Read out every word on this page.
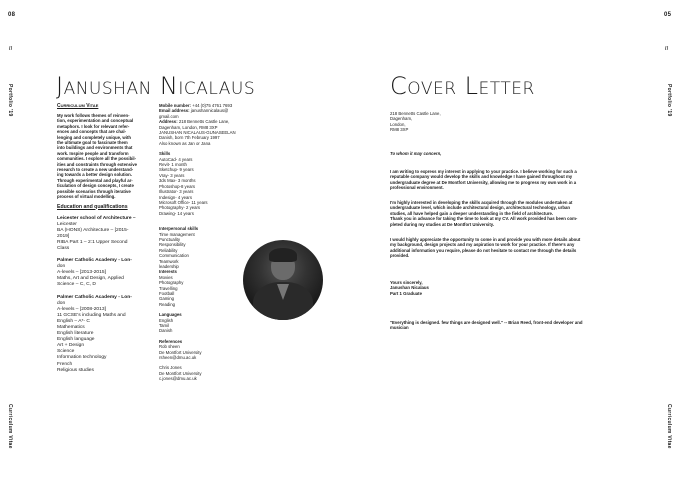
08
//
Portfolio '19
Curriculum Vitae
05
//
Portfolio '19
Curriculum Vitae
Janushan Nicalaus
Curriculum Vitae
My work follows themes of reinven-
tion, experimentation and conceptual
metaphors. I look for relevant refer-
ences and concepts that are chal-
lenging and completely unique, with
the ultimate goal to fascinate them
into buildings and environments that
work. Inspire people and transform
communities. I explore all the possibil-
ities and constraints through extensive
research to create a new understand-
ing towards a better design solution.
Through experimental and playful ar-
ticulation of design concepts, I create
possible scenarios through iterative
process of virtual modelling.
Education and qualifications
Leicester school of Architecture –
Leicester
BA (HONS) Architecture – [2015-
2019]
RIBA Part 1 – 2:1 Upper Second
Class
Palmer Catholic Academy - Lon-
don
A-levels – [2013-2015]
Maths, Art and Design, Applied
Science – C, C, D
Palmer Catholic Academy - Lon-
don
A-levels – [2008-2013]
11 GCSE's including Maths and
English – A*- C
Mathematics
English literature
English language
Art + Design
Science
Information technology
French
Religious studies
Mobile number: +44 (0)75 4761 7693
Email address: janushannicalaus@
gmail.com
Address: 218 Bennetts Castle Lane,
Dagenham, London, RM8 3XP
JANUSHAN NICALAUS-GUNASEELAN
Danish, born 7th February 1997
Also known as Jan or Jana
Skills
AutoCad- 4 years
Revit- 1 month
Sketchup- 9 years
Vray- 3 years
3ds Max- 3 months
Photoshop-8 years
Illustrator- 3 years
Indesign- 4 years
Microsoft Office- 11 years
Photography- 2 years
Drawing- 14 years
Interpersonal skills
Time management
Punctuality
Responsibility
Reliability
Communication
Teamwork
leadership
Interests
Movies
Photography
Travelling
Football
Gaming
Reading
Languages
English
Tamil
Danish
References
Rob sheen
De Montfort University
rsheen@dmu.ac.uk
Chris Jones
De Montfort University
c.jones@dmu.ac.uk
Cover Letter
218 Bennetts Castle Lane,
Dagenham,
London,
RM8 3XP
To whom it may concern,
I am writing to express my interest in applying to your practice. I believe working for such a
reputable company would develop the skills and knowledge I have gained throughout my
undergraduate degree at De Montfort University, allowing me to progress my own work in a
professional environment.
I'm highly interested in developing the skills acquired through the modules undertaken at
undergraduate level, which include architectural design, architectural technology, urban
studies, all have helped gain a deeper understanding in the field of architecture.
Thank you in advance for taking the time to look at my CV. All work provided has been com-
pleted during my studies at De Montfort University.
I would highly appreciate the opportunity to come in and provide you with more details about
my background, design projects and my aspiration to work for your practice. If there's any
additional information you require, please do not hesitate to contact me through the details
provided.
Yours sincerely,
Janushan Nicalaus
Part 1 Graduate
"Everything is designed. few things are designed well." -- Brian Reed, front-end developer and
musician
